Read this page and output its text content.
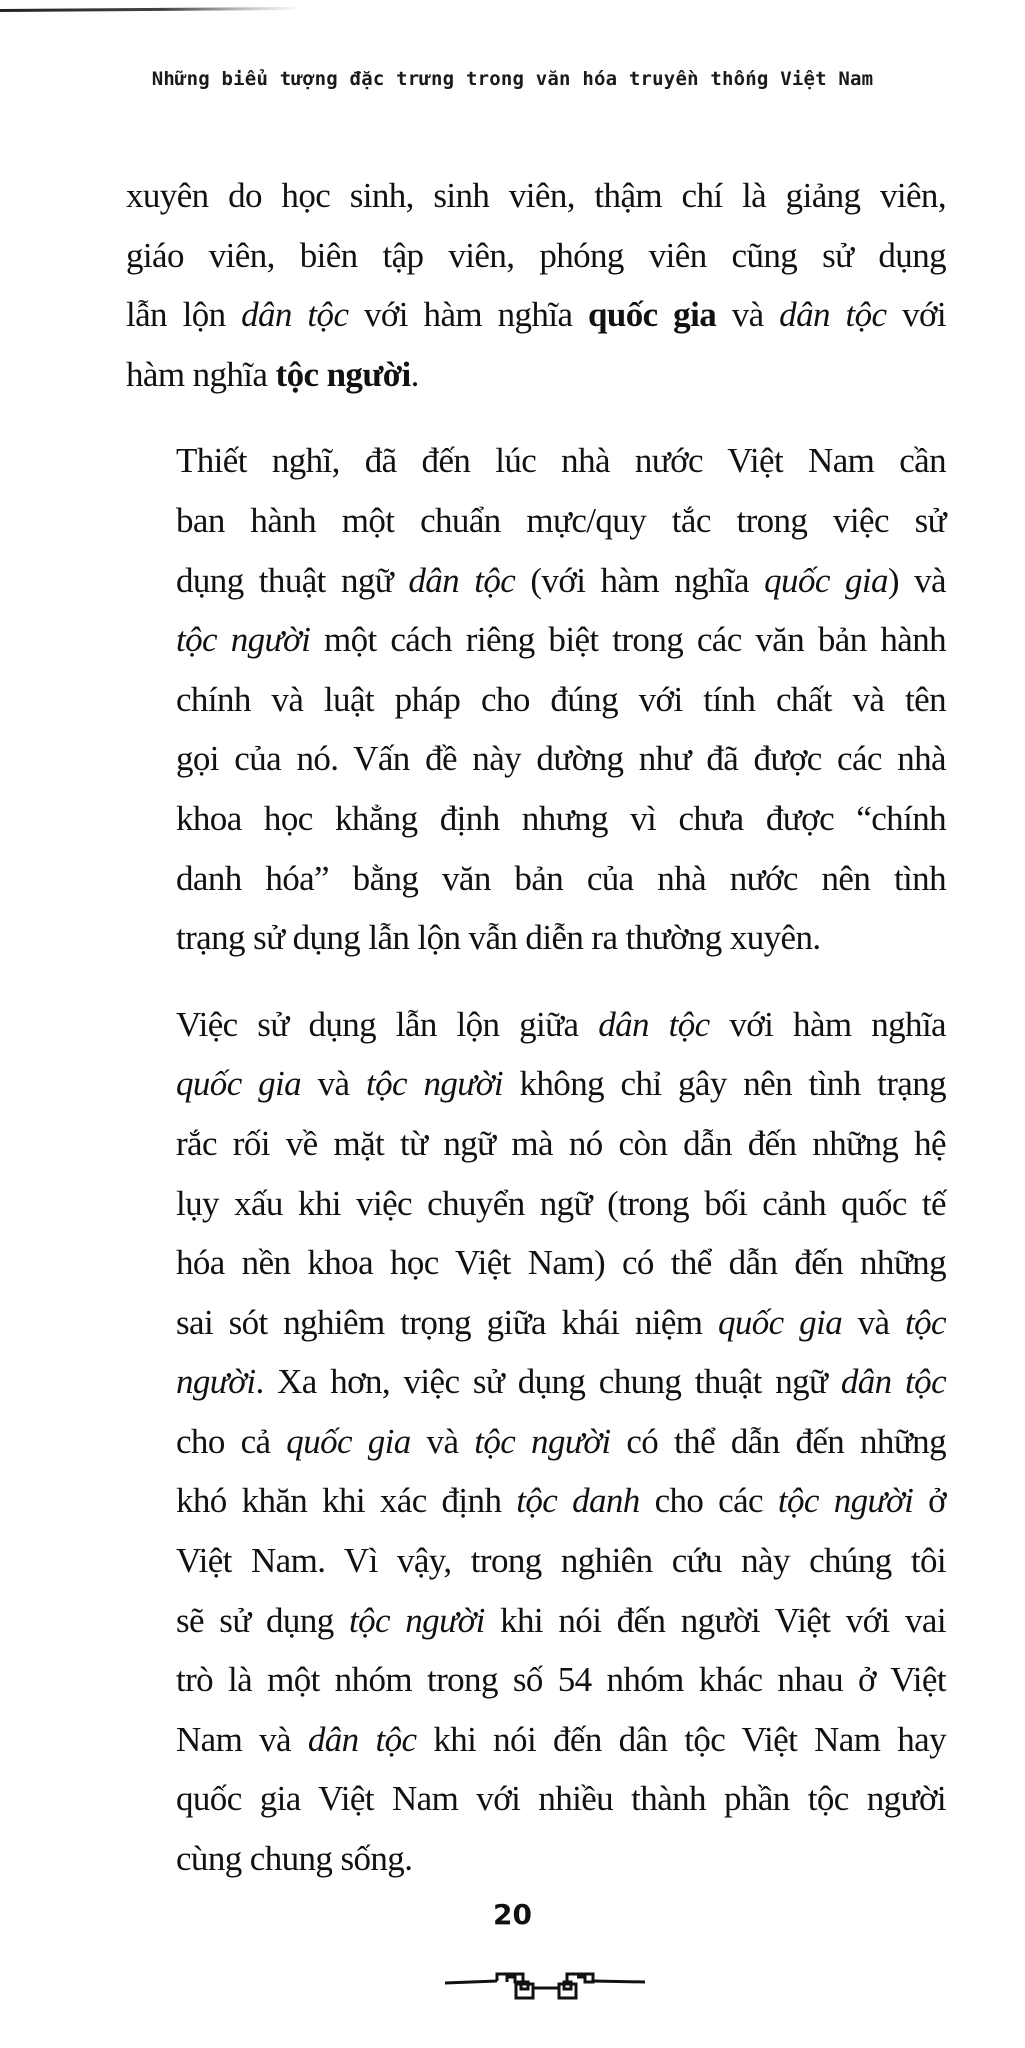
Những biểu tượng đặc trưng trong văn hóa truyền thống Việt Nam

xuyên do học sinh, sinh viên, thậm chí là giảng viên,
giáo viên, biên tập viên, phóng viên cũng sử dụng
lẫn lộn dân tộc với hàm nghĩa quốc gia và dân tộc với
hàm nghĩa tộc người.

Thiết nghĩ, đã đến lúc nhà nước Việt Nam cần
ban hành một chuẩn mực/quy tắc trong việc sử
dụng thuật ngữ dân tộc (với hàm nghĩa quốc gia) và
tộc người một cách riêng biệt trong các văn bản hành
chính và luật pháp cho đúng với tính chất và tên
gọi của nó. Vấn đề này dường như đã được các nhà
khoa học khẳng định nhưng vì chưa được “chính
danh hóa” bằng văn bản của nhà nước nên tình
trạng sử dụng lẫn lộn vẫn diễn ra thường xuyên.

Việc sử dụng lẫn lộn giữa dân tộc với hàm nghĩa
quốc gia và tộc người không chỉ gây nên tình trạng
rắc rối về mặt từ ngữ mà nó còn dẫn đến những hệ
lụy xấu khi việc chuyển ngữ (trong bối cảnh quốc tế
hóa nền khoa học Việt Nam) có thể dẫn đến những
sai sót nghiêm trọng giữa khái niệm quốc gia và tộc
người. Xa hơn, việc sử dụng chung thuật ngữ dân tộc
cho cả quốc gia và tộc người có thể dẫn đến những
khó khăn khi xác định tộc danh cho các tộc người ở
Việt Nam. Vì vậy, trong nghiên cứu này chúng tôi
sẽ sử dụng tộc người khi nói đến người Việt với vai
trò là một nhóm trong số 54 nhóm khác nhau ở Việt
Nam và dân tộc khi nói đến dân tộc Việt Nam hay
quốc gia Việt Nam với nhiều thành phần tộc người
cùng chung sống.

20
